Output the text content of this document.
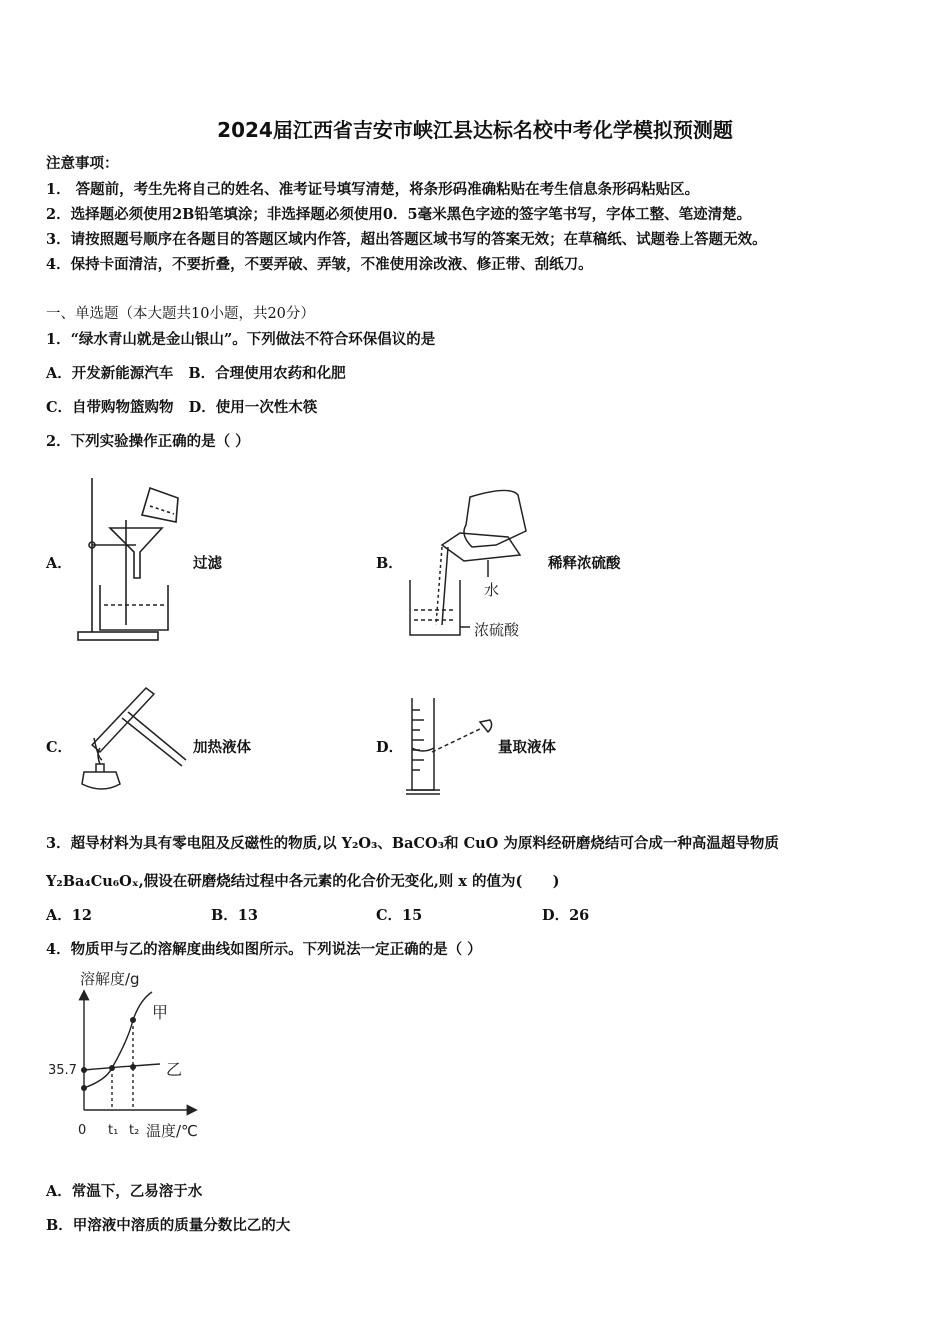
2024届江西省吉安市峡江县达标名校中考化学模拟预测题
注意事项：
1． 答题前，考生先将自己的姓名、准考证号填写清楚，将条形码准确粘贴在考生信息条形码粘贴区。
2．选择题必须使用2B铅笔填涂；非选择题必须使用0．5毫米黑色字迹的签字笔书写，字体工整、笔迹清楚。
3．请按照题号顺序在各题目的答题区域内作答，超出答题区域书写的答案无效；在草稿纸、试题卷上答题无效。
4．保持卡面清洁，不要折叠，不要弄破、弄皱，不准使用涂改液、修正带、刮纸刀。
一、单选题（本大题共10小题，共20分）
1．“绿水青山就是金山银山”。下列做法不符合环保倡议的是
A．开发新能源汽车   B．合理使用农药和化肥
C．自带购物篮购物   D．使用一次性木筷
2．下列实验操作正确的是（ ）
A．	过滤	B．
水
浓硫酸
稀释浓硫酸
C．	加热液体	D．	量取液体
3．超导材料为具有零电阻及反磁性的物质,以 Y₂O₃、BaCO₃和 CuO 为原料经研磨烧结可合成一种高温超导物质
Y₂Ba₄Cu₆Oₓ,假设在研磨烧结过程中各元素的化合价无变化,则 x 的值为(      )
A．12	B．13	C．15	D．26
4．物质甲与乙的溶解度曲线如图所示。下列说法一定正确的是（ ）
溶解度/g
35.7
0 t₁ t₂ 温度/℃
甲
乙
A．常温下，乙易溶于水
B．甲溶液中溶质的质量分数比乙的大
